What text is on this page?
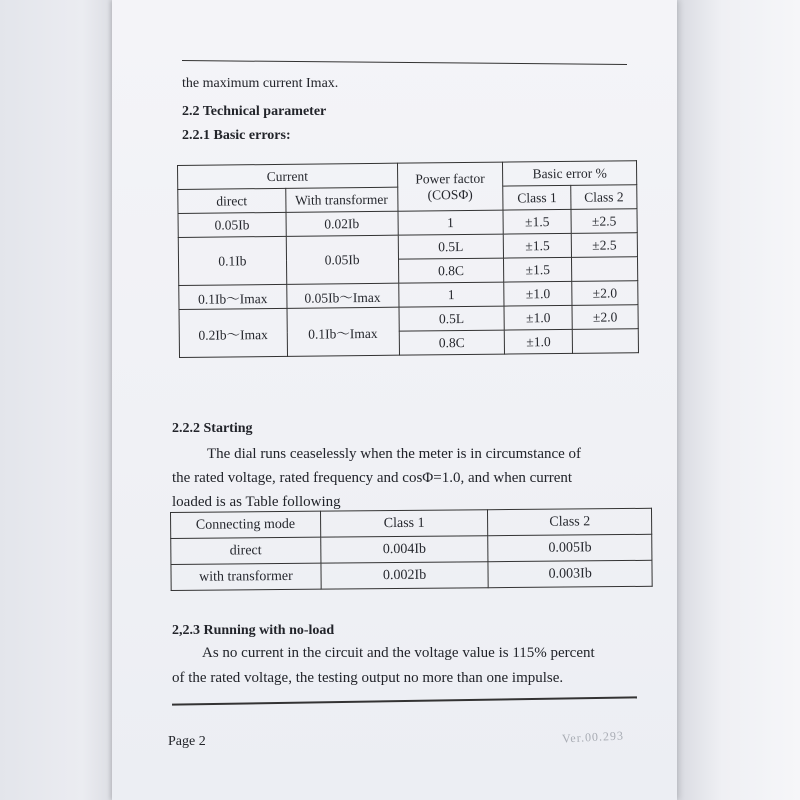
the maximum current Imax.
2.2 Technical parameter
2.2.1 Basic errors:
Current		Power factor (COSΦ)	Basic error %	
direct	With transformer		Class 1	Class 2

0.05Ib	0.02Ib	1	±1.5	±2.5
0.1Ib	0.05Ib	0.5L	±1.5	±2.5
		0.8C	±1.5	
0.1Ib～Imax	0.05Ib～Imax	1	±1.0	±2.0
0.2Ib～Imax	0.1Ib～Imax	0.5L	±1.0	±2.0
		0.8C	±1.0	
2.2.2 Starting
The dial runs ceaselessly when the meter is in circumstance of
the rated voltage, rated frequency and cosΦ=1.0, and when current
loaded is as Table following
Connecting mode	Class 1	Class 2
direct	0.004Ib	0.005Ib
with transformer	0.002Ib	0.003Ib
2,2.3 Running with no-load
As no current in the circuit and the voltage value is 115% percent
of the rated voltage, the testing output no more than one impulse.
Page 2	Ver.00.293
